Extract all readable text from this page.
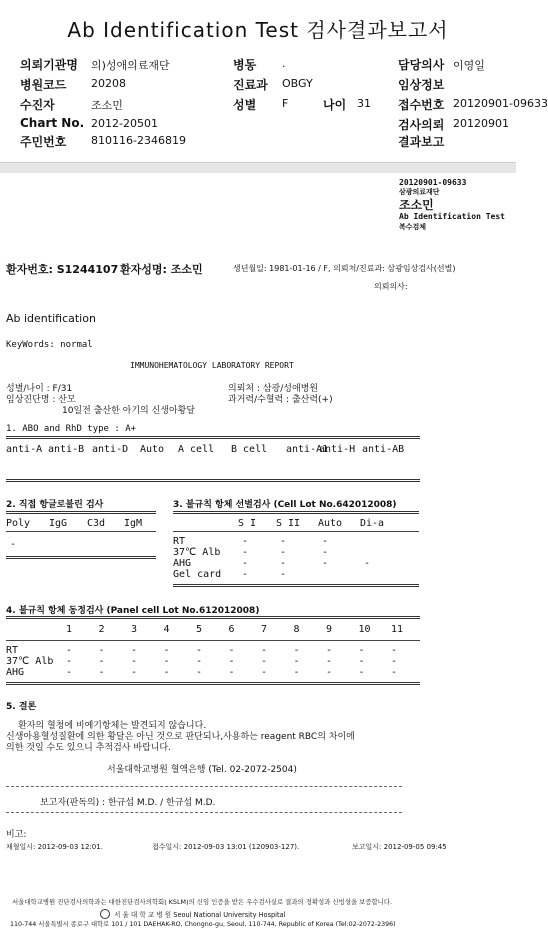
Ab Identification Test 검사결과보고서
의뢰기관명 의)성애의료재단
병원코드 20208
수진자	조소민
Chart No. 2012-20501
주민번호 810116-2346819
병동 .
진료과 OBGY
성별 F	나이 31
담당의사 이영일
임상정보
접수번호 20120901-09633
검사의뢰 20120901
결과보고
20120901-09633
삼광의료재단
조소민
Ab Identification Test
복수검체
환자번호: S1244107 환자성명: 조소민	생년월일: 1981-01-16 / F, 의뢰처/진료과: 삼광임상검사(선별)
의뢰의사:
Ab identification
KeyWords: normal
IMMUNOHEMATOLOGY LABORATORY REPORT
성별/나이 : F/31
임상진단명 : 산모
10일전 출산한 아기의 신생아황달
의뢰처 : 삼광/성애병원
과거력/수혈력 : 출산력(+)
1. ABO and RhD type : A+
anti-A anti-B anti-D Auto A cell B cell anti-A1
anti-H anti-AB
2. 직접 항글로불린 검사
Poly IgG C3d IgM
-
3. 불규칙 항체 선별검사 (Cell Lot No.642012008)
S I S II Auto Di-a
RT	-	-	-
37℃ Alb -	-	-
AHG	-	-	-	-
Gel card -	-
4. 불규칙 항체 동정검사 (Panel cell Lot No.612012008)
1	2	3	4	5	6	7	8	9	10 11
RT	-	-	-	-	-	-	-	-	-	-	-
37℃ Alb -	-	-	-	-	-	-	-	-	-	-
AHG	-	-	-	-	-	-	-	-	-	-	-
5. 결론
환자의 혈청에 비예기항체는 발견되지 않습니다.
신생아용혈성질환에 의한 황달은 아닌 것으로 판단되나,사용하는 reagent RBC의 차이에
의한 것일 수도 있으니 추적검사 바랍니다.
서울대학교병원 혈액은행 (Tel. 02-2072-2504)
보고자(판독의) : 한규섭 M.D. / 한규섭 M.D.
비고:
채혈일시: 2012-09-03 12:01.	접수일시: 2012-09-03 13:01 (120903-127).	보고일시: 2012-09-05 09:45
서울대학교병원 진단검사의학과는 대한진단검사의학회( KSLM)의 신임 인증을 받은 우수검사실로 결과의 정확성과 신빙성을 보증합니다.
서 울 대 학 교 병 원 Seoul National University Hospital
110-744 서울특별시 종로구 대학로 101 / 101 DAEHAK-RO, Chongno-gu, Seoul, 110-744, Republic of Korea (Tel:02-2072-2396)
